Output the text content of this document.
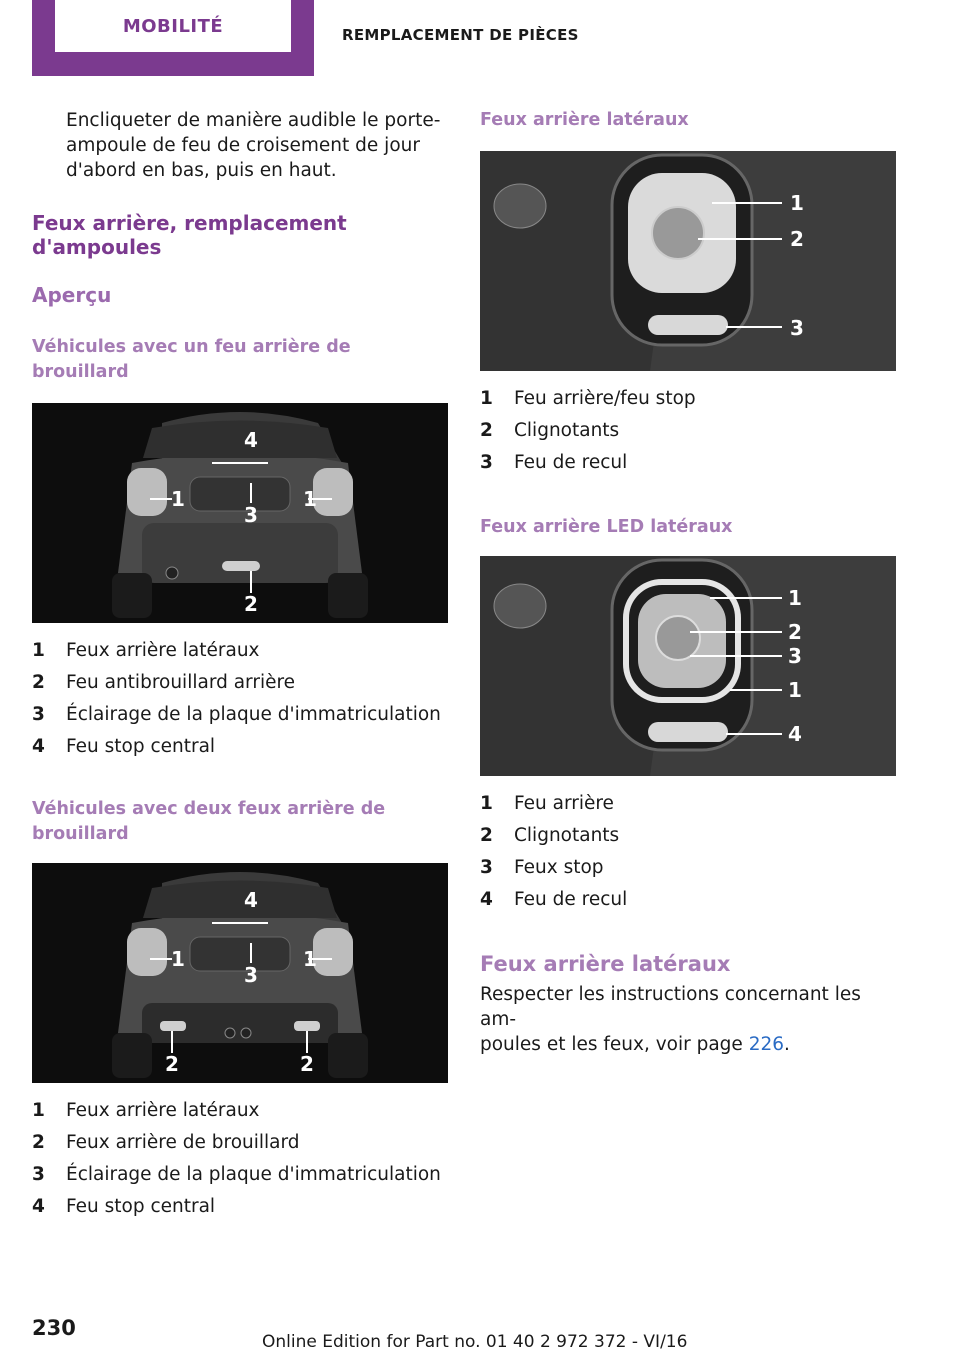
MOBILITÉ	REMPLACEMENT DE PIÈCES

Encliqueter de manière audible le porte‐
ampoule de feu de croisement de jour
d'abord en bas, puis en haut.

Feux arrière, remplacement d'ampoules

Aperçu

Véhicules avec un feu arrière de brouillard

4
1	1
3
2
1	Feux arrière latéraux
2	Feu antibrouillard arrière
3	Éclairage de la plaque d'immatriculation
4	Feu stop central

Véhicules avec deux feux arrière de
brouillard

4
1	1
3
2	2
1	Feux arrière latéraux
2	Feux arrière de brouillard
3	Éclairage de la plaque d'immatriculation
4	Feu stop central

Feux arrière latéraux

1
2
3
1	Feu arrière/feu stop
2	Clignotants
3	Feu de recul

Feux arrière LED latéraux

1
2
3
1
4
1	Feu arrière
2	Clignotants
3	Feux stop
4	Feu de recul

Feux arrière latéraux

Respecter les instructions concernant les am‐
poules et les feux, voir page 226.

230
Online Edition for Part no. 01 40 2 972 372 - VI/16
